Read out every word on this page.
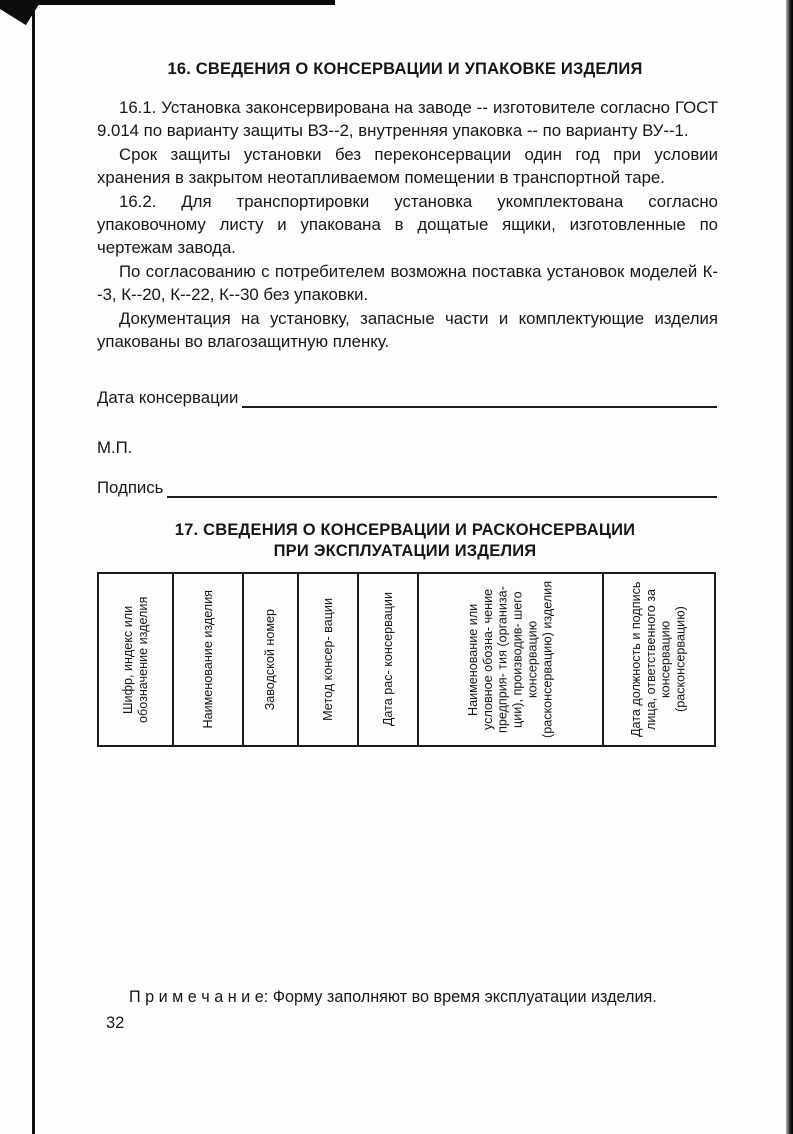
16. СВЕДЕНИЯ О КОНСЕРВАЦИИ И УПАКОВКЕ ИЗДЕЛИЯ

16.1. Установка законсервирована на заводе -- изготовителе согласно ГОСТ 9.014 по варианту защиты ВЗ--2, внутренняя упаковка -- по варианту ВУ--1.

Срок защиты установки без переконсервации один год при условии хранения в закрытом неотапливаемом помещении в транспортной таре.

16.2. Для транспортировки установка укомплектована согласно упаковочному листу и упакована в дощатые ящики, изготовленные по чертежам завода.

По согласованию с потребителем возможна поставка установок моделей К--3, К--20, К--22, К--30 без упаковки.

Документация на установку, запасные части и комплектующие изделия упакованы во влагозащитную пленку.

Дата консервации
М.П.
Подпись
17. СВЕДЕНИЯ О КОНСЕРВАЦИИ И РАСКОНСЕРВАЦИИ
ПРИ ЭКСПЛУАТАЦИИ ИЗДЕЛИЯ
Шифр, индекс или обозначение изделия	Наименование изделия	Заводской номер	Метод консер- вации	Дата рас- консервации	Наименование или условное обозна- чение предприя- тия (организа- ции), производив- шего консервацию (расконсервацию) изделия	Дата должность и подпись лица, ответственного за консервацию (расконсервацию)
П р и м е ч а н и е: Форму заполняют во время эксплуатации изделия.
32
